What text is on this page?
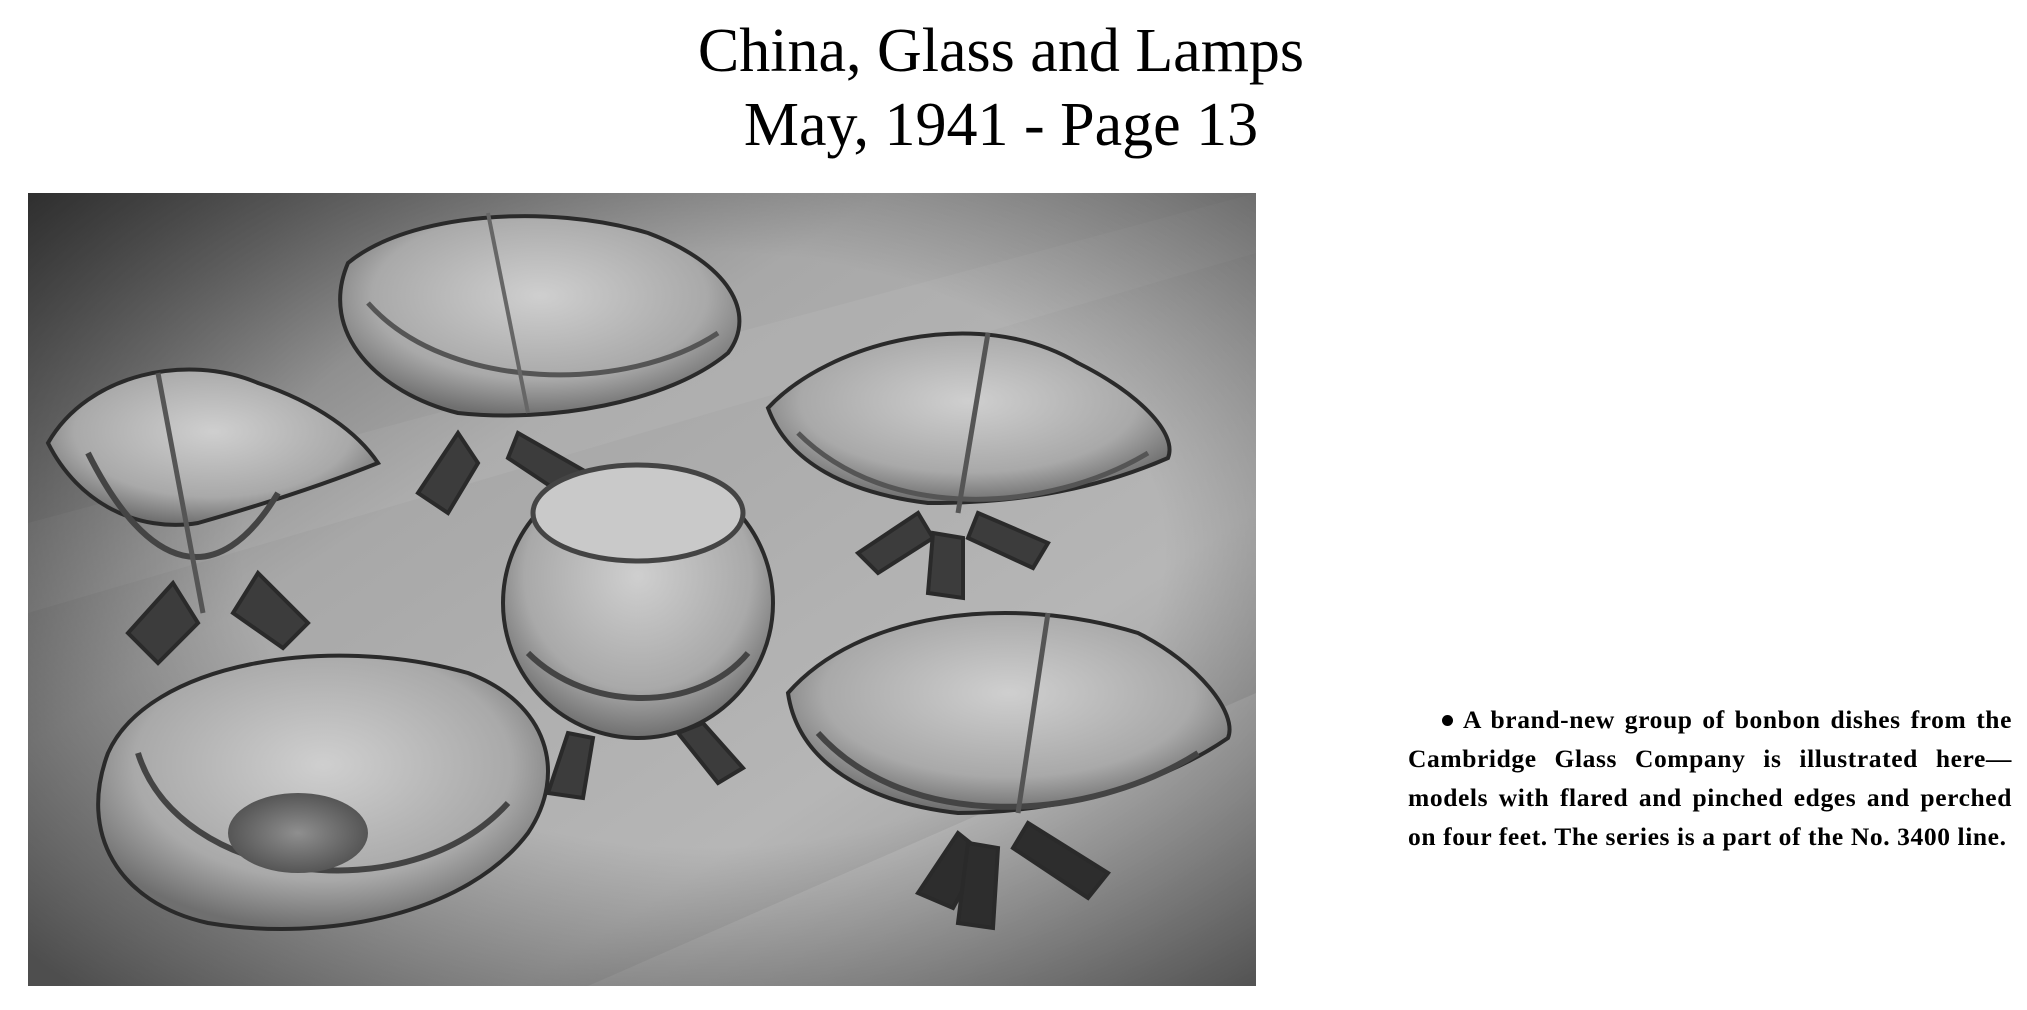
China, Glass and Lamps
May, 1941 - Page 13
A brand-new group of bonbon dishes from the Cambridge Glass Company is illustrated here—models with flared and pinched edges and perched on four feet. The series is a part of the No. 3400 line.
